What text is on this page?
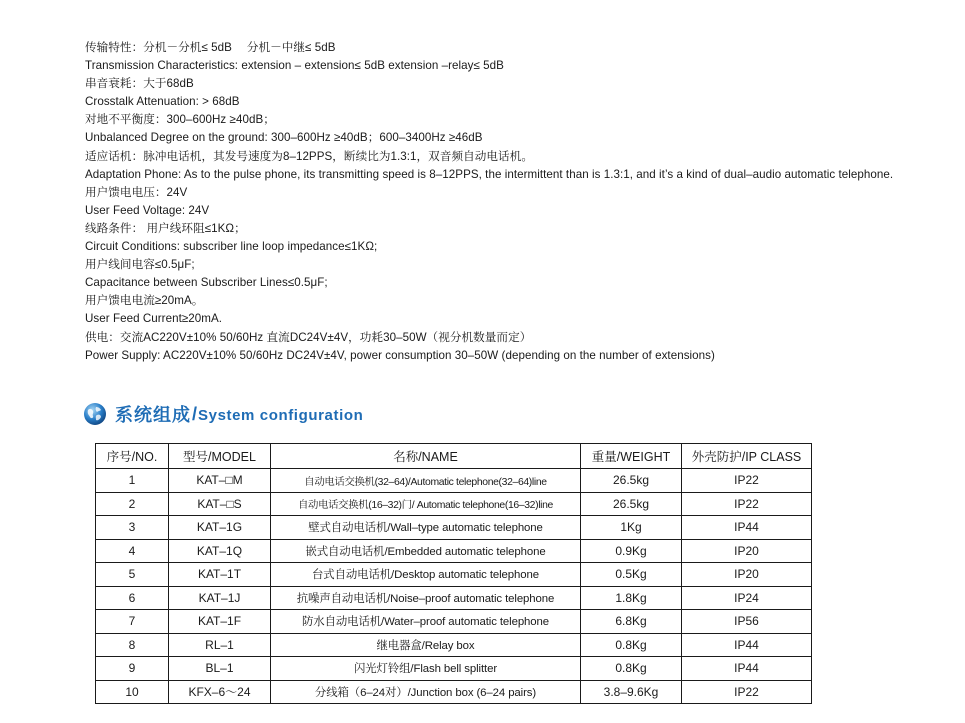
传输特性：分机－分机≤ 5dB　 分机－中继≤ 5dB
Transmission Characteristics: extension – extension≤ 5dB extension –relay≤ 5dB
串音衰耗：大于68dB
Crosstalk Attenuation: > 68dB
对地不平衡度：300–600Hz ≥40dB；
Unbalanced Degree on the ground: 300–600Hz ≥40dB；600–3400Hz ≥46dB
适应话机：脉冲电话机，其发号速度为8–12PPS，断续比为1.3:1，双音频自动电话机。
Adaptation Phone: As to the pulse phone, its transmitting speed is 8–12PPS, the intermittent than is 1.3:1, and it’s a kind of dual–audio automatic telephone.
用户馈电电压：24V
User Feed Voltage: 24V
线路条件： 用户线环阻≤1KΩ；
Circuit Conditions: subscriber line loop impedance≤1KΩ;
用户线间电容≤0.5μF;
Capacitance between Subscriber Lines≤0.5μF;
用户馈电电流≥20mA。
User Feed Current≥20mA.
供电：交流AC220V±10% 50/60Hz 直流DC24V±4V，功耗30–50W（视分机数量而定）
Power Supply: AC220V±10% 50/60Hz DC24V±4V, power consumption 30–50W (depending on the number of extensions)
系统组成 / System configuration
序号/NO.	型号/MODEL	名称/NAME	重量/WEIGHT	外壳防护/IP CLASS
1	KAT–□M	自动电话交换机(32–64)/Automatic telephone(32–64)line	26.5kg	IP22
2	KAT–□S	自动电话交换机(16–32)门/ Automatic telephone(16–32)line	26.5kg	IP22
3	KAT–1G	壁式自动电话机/Wall–type automatic telephone	1Kg	IP44
4	KAT–1Q	嵌式自动电话机/Embedded automatic telephone	0.9Kg	IP20
5	KAT–1T	台式自动电话机/Desktop automatic telephone	0.5Kg	IP20
6	KAT–1J	抗噪声自动电话机/Noise–proof automatic telephone	1.8Kg	IP24
7	KAT–1F	防水自动电话机/Water–proof automatic telephone	6.8Kg	IP56
8	RL–1	继电器盒/Relay box	0.8Kg	IP44
9	BL–1	闪光灯铃组/Flash bell splitter	0.8Kg	IP44
10	KFX–6～24	分线箱（6–24对）/Junction box (6–24 pairs)	3.8–9.6Kg	IP22
